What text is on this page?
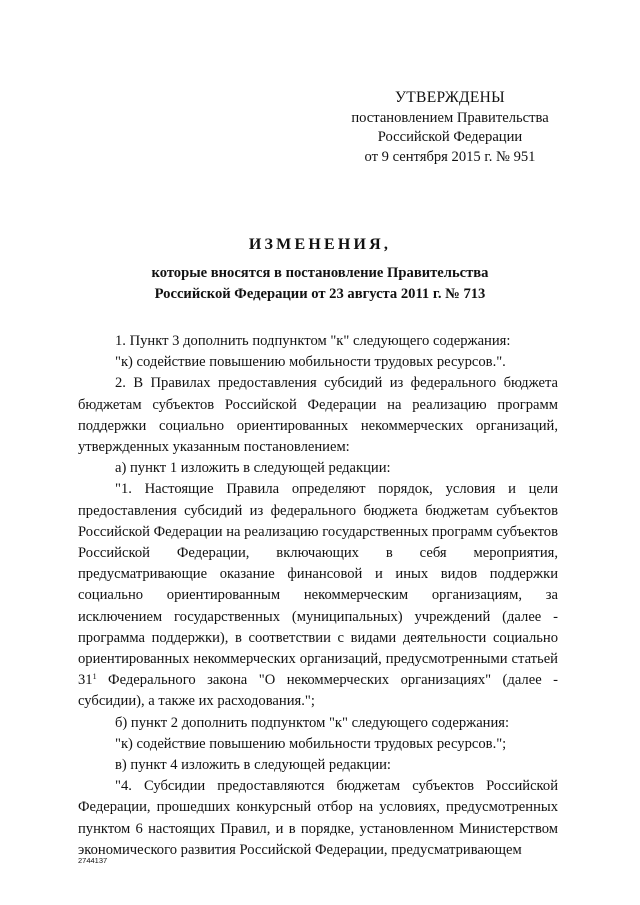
УТВЕРЖДЕНЫ
постановлением Правительства
Российской Федерации
от 9 сентября 2015 г. № 951
ИЗМЕНЕНИЯ,
которые вносятся в постановление Правительства
Российской Федерации от 23 августа 2011 г. № 713

1. Пункт 3 дополнить подпунктом "к" следующего содержания:

"к) содействие повышению мобильности трудовых ресурсов.".

2. В Правилах предоставления субсидий из федерального бюджета бюджетам субъектов Российской Федерации на реализацию программ поддержки социально ориентированных некоммерческих организаций, утвержденных указанным постановлением:

а) пункт 1 изложить в следующей редакции:

"1. Настоящие Правила определяют порядок, условия и цели предоставления субсидий из федерального бюджета бюджетам субъектов Российской Федерации на реализацию государственных программ субъектов Российской Федерации, включающих в себя мероприятия, предусматривающие оказание финансовой и иных видов поддержки социально ориентированным некоммерческим организациям, за исключением государственных (муниципальных) учреждений (далее - программа поддержки), в соответствии с видами деятельности социально ориентированных некоммерческих организаций, предусмотренными статьей $31^1$ Федерального закона "О некоммерческих организациях" (далее - субсидии), а также их расходования.";

б) пункт 2 дополнить подпунктом "к" следующего содержания:

"к) содействие повышению мобильности трудовых ресурсов.";

в) пункт 4 изложить в следующей редакции:

"4. Субсидии предоставляются бюджетам субъектов Российской Федерации, прошедших конкурсный отбор на условиях, предусмотренных пунктом 6 настоящих Правил, и в порядке, установленном Министерством экономического развития Российской Федерации, предусматривающем

2744137
